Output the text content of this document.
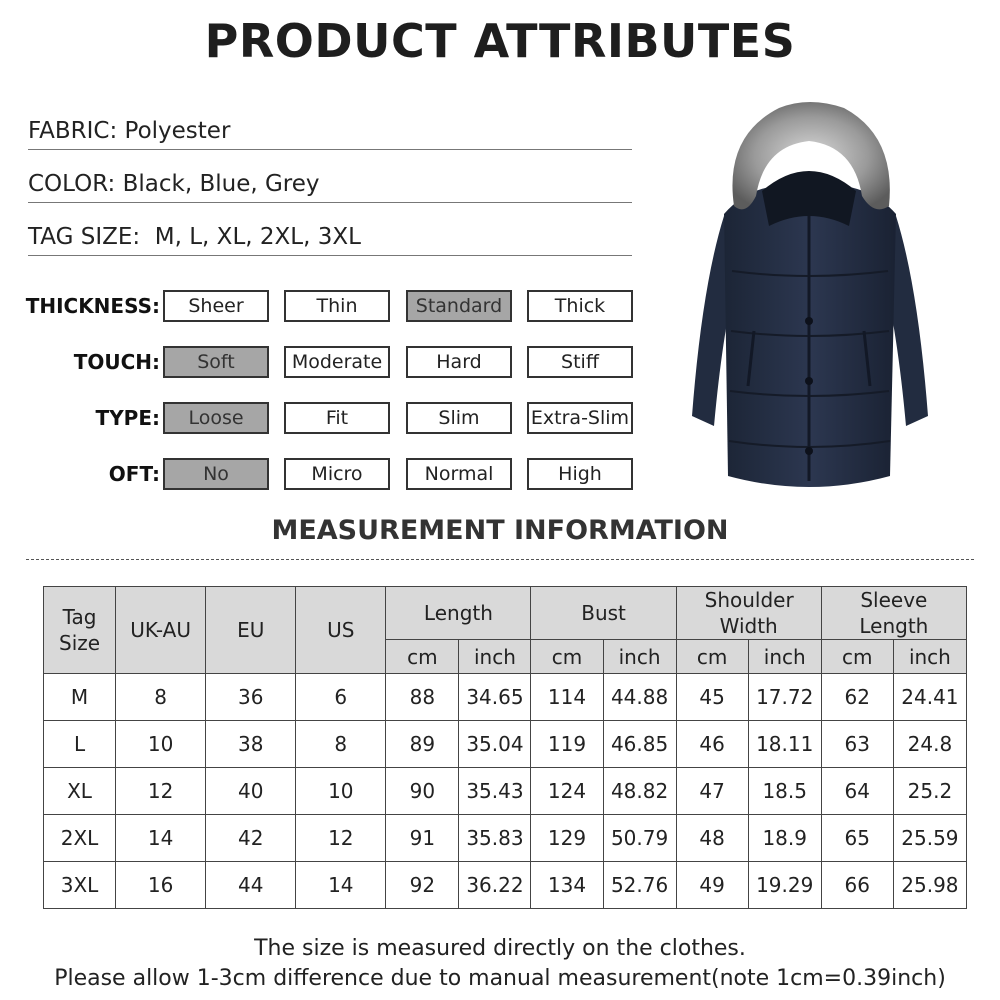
PRODUCT ATTRIBUTES
FABRIC: Polyester
COLOR: Black, Blue, Grey
TAG SIZE:  M, L, XL, 2XL, 3XL
THICKNESS:	Sheer	Thin	Standard	Thick
TOUCH:	Soft	Moderate	Hard	Stiff
TYPE:	Loose	Fit	Slim	Extra-Slim
OFT:	No	Micro	Normal	High
MEASUREMENT INFORMATION
Tag Size	UK-AU	EU	US	Length		Bust		Shoulder Width		Sleeve Length	
				cm	inch	cm	inch	cm	inch	cm	inch
M	8	36	6	88	34.65	114	44.88	45	17.72	62	24.41
L	10	38	8	89	35.04	119	46.85	46	18.11	63	24.8
XL	12	40	10	90	35.43	124	48.82	47	18.5	64	25.2
2XL	14	42	12	91	35.83	129	50.79	48	18.9	65	25.59
3XL	16	44	14	92	36.22	134	52.76	49	19.29	66	25.98
The size is measured directly on the clothes.
Please allow 1-3cm difference due to manual measurement(note 1cm=0.39inch)
